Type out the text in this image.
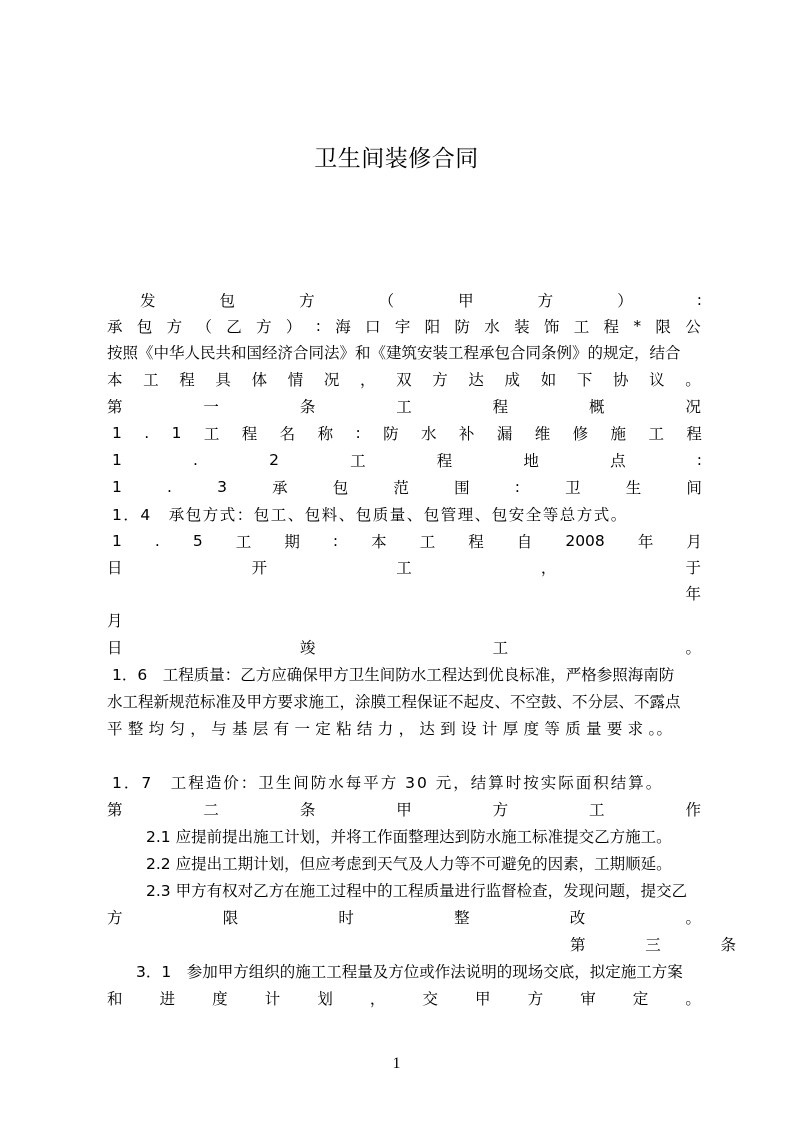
卫生间装修合同
发	包	方	（	甲	方	）	:
承 包 方 （ 乙 方 ） : 海 口 宇 阳 防 水 装 饰 工 程 * 限 公
按照《中华人民共和国经济合同法》和《建筑安装工程承包合同条例》的规定，结合
本 工 程 具 体 情 况 ， 双 方 达 成 如 下 协 议 。
第	一	条	工	程	概	况
1 . 1 工 程 名 称 : 防 水 补 漏 维 修 施 工 程
1	.	2	工	程	地	点	:
1	.	3	承	包	范	围	:	卫	生	间
1．4　承包方式：包工、包料、包质量、包管理、包安全等总方式。
1 . 5 工 期 : 本 工 程 自 2008 年 月
日	开	工	，	于
年
月
日	竣	工	。
1．6　工程质量：乙方应确保甲方卫生间防水工程达到优良标准，严格参照海南防
水工程新规范标准及甲方要求施工，涂膜工程保证不起皮、不空鼓、不分层、不露点
平 整 均 匀 ， 与 基 层 有 一 定 粘 结 力 ， 达 到 设 计 厚 度 等 质 量 要 求 。。
1．7　工程造价：卫生间防水每平方 30 元，结算时按实际面积结算。
第	二	条	甲	方	工	作
2.1 应提前提出施工计划，并将工作面整理达到防水施工标准提交乙方施工。
2.2 应提出工期计划，但应考虑到天气及人力等不可避免的因素，工期顺延。
2.3 甲方有权对乙方在施工过程中的工程质量进行监督检查，发现问题，提交乙
方	限	时	整	改	。
第	三	条
3．1　参加甲方组织的施工工程量及方位或作法说明的现场交底，拟定施工方案
和 进 度 计 划 ， 交 甲 方 审 定 。
1
